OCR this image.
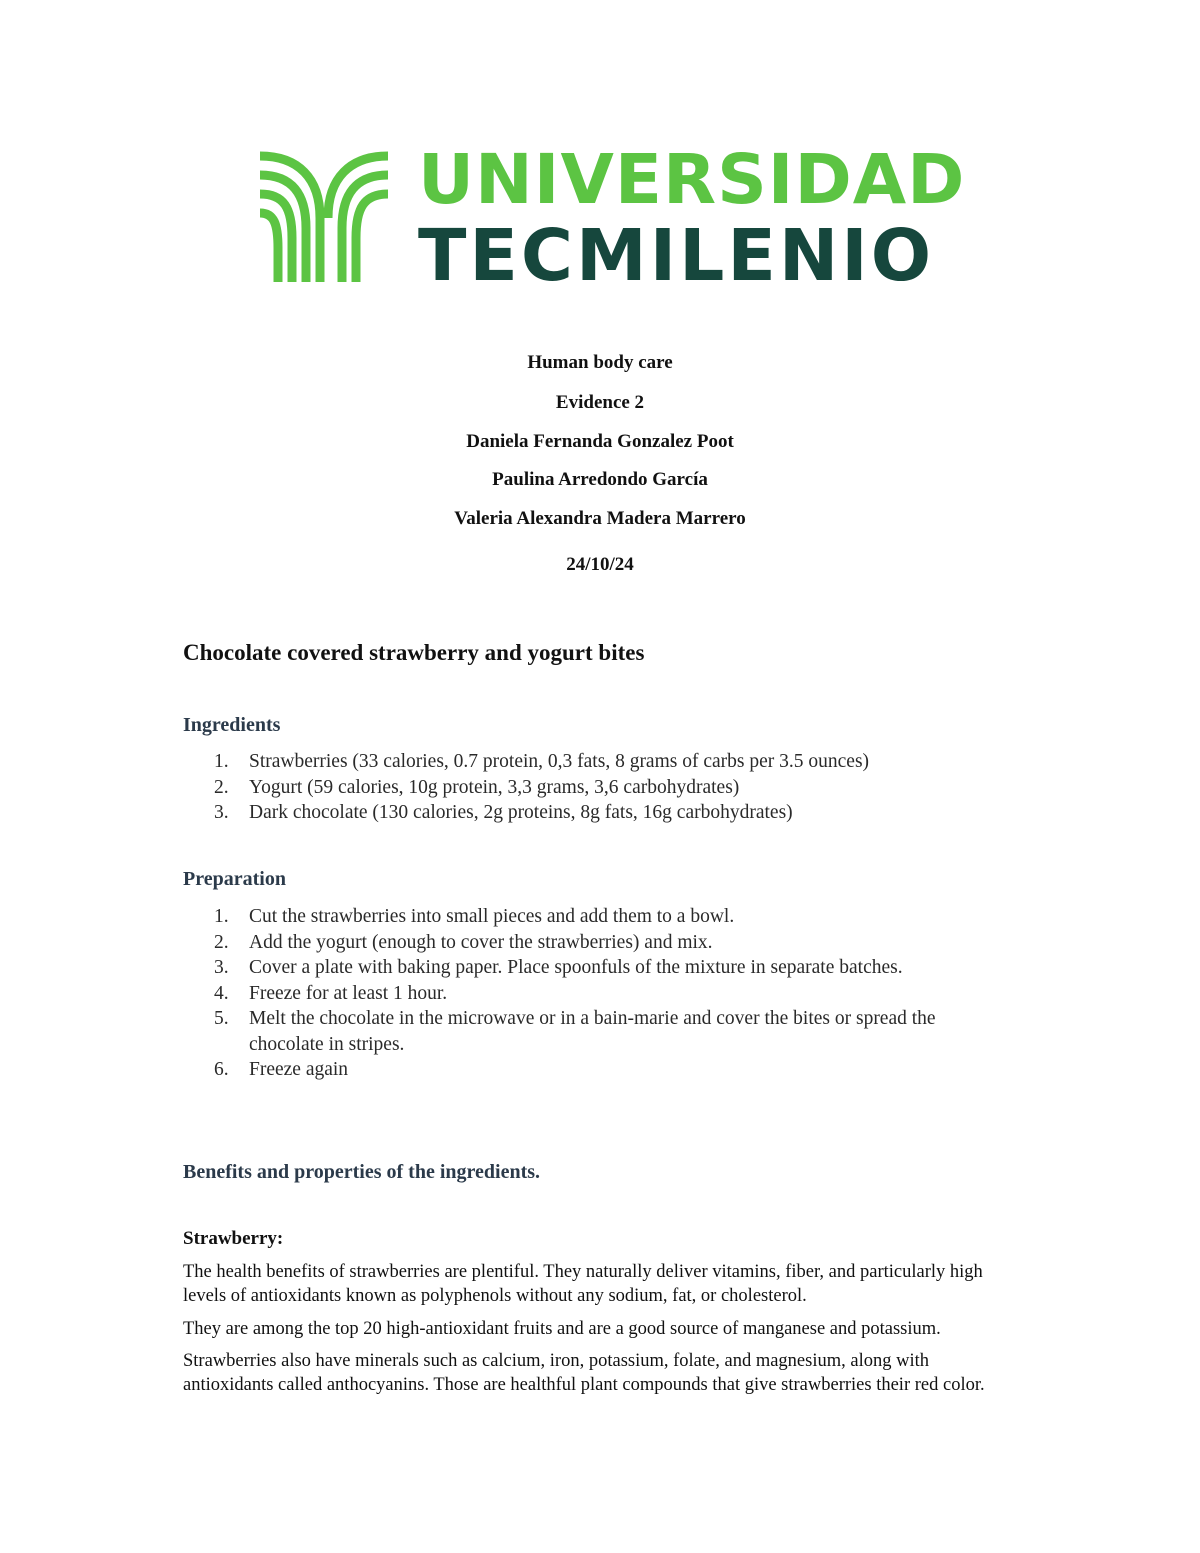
UNIVERSIDAD
TECMILENIO
Human body care
Evidence 2
Daniela Fernanda Gonzalez Poot
Paulina Arredondo García
Valeria Alexandra Madera Marrero
24/10/24
Chocolate covered strawberry and yogurt bites
Ingredients
1. Strawberries (33 calories, 0.7 protein, 0,3 fats, 8 grams of carbs per 3.5 ounces)
2. Yogurt (59 calories, 10g protein, 3,3 grams, 3,6 carbohydrates)
3. Dark chocolate (130 calories, 2g proteins, 8g fats, 16g carbohydrates)
Preparation
1. Cut the strawberries into small pieces and add them to a bowl.
2. Add the yogurt (enough to cover the strawberries) and mix.
3. Cover a plate with baking paper. Place spoonfuls of the mixture in separate batches.
4. Freeze for at least 1 hour.
5. Melt the chocolate in the microwave or in a bain-marie and cover the bites or spread the chocolate in stripes.
6. Freeze again
Benefits and properties of the ingredients.
Strawberry:

The health benefits of strawberries are plentiful. They naturally deliver vitamins, fiber, and particularly high levels of antioxidants known as polyphenols without any sodium, fat, or cholesterol.

They are among the top 20 high-antioxidant fruits and are a good source of manganese and potassium.

Strawberries also have minerals such as calcium, iron, potassium, folate, and magnesium, along with antioxidants called anthocyanins. Those are healthful plant compounds that give strawberries their red color.
